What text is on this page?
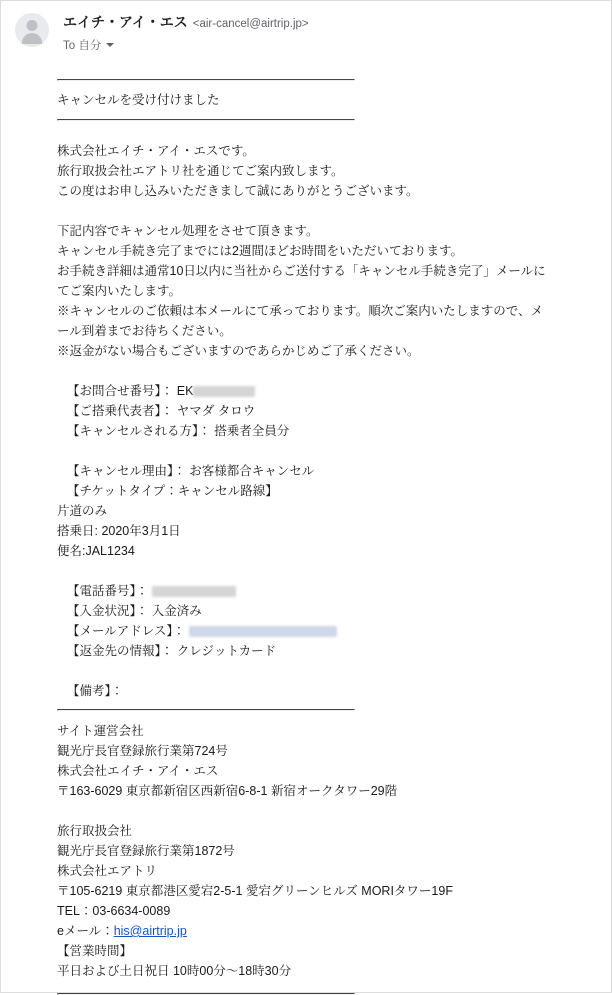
エイチ・アイ・エス <air-cancel@airtrip.jp>
To 自分
キャンセルを受け付けました

株式会社エイチ・アイ・エスです。

旅行取扱会社エアトリ社を通じてご案内致します。

この度はお申し込みいただきまして誠にありがとうございます。

下記内容でキャンセル処理をさせて頂きます。

キャンセル手続き完了までには2週間ほどお時間をいただいております。

お手続き詳細は通常10日以内に当社からご送付する「キャンセル手続き完了」メールにてご案内いたします。

※キャンセルのご依頼は本メールにて承っております。順次ご案内いたしますので、メール到着までお待ちください。

※返金がない場合もございますのであらかじめご了承ください。

【お問合せ番号】： EK

【ご搭乗代表者】： ヤマダ タロウ

【キャンセルされる方】： 搭乗者全員分

【キャンセル理由】： お客様都合キャンセル

【チケットタイプ：キャンセル路線】

片道のみ

搭乗日: 2020年3月1日

便名:JAL1234

【電話番号】：

【入金状況】： 入金済み

【メールアドレス】：

【返金先の情報】： クレジットカード

【備考】：

サイト運営会社

観光庁長官登録旅行業第724号

株式会社エイチ・アイ・エス

〒163-6029 東京都新宿区西新宿6-8-1 新宿オークタワー29階

旅行取扱会社

観光庁長官登録旅行業第1872号

株式会社エアトリ

〒105-6219 東京都港区愛宕2-5-1 愛宕グリーンヒルズ MORIタワー19F

TEL：03-6634-0089

eメール：his@airtrip.jp

【営業時間】

平日および土日祝日 10時00分〜18時30分
